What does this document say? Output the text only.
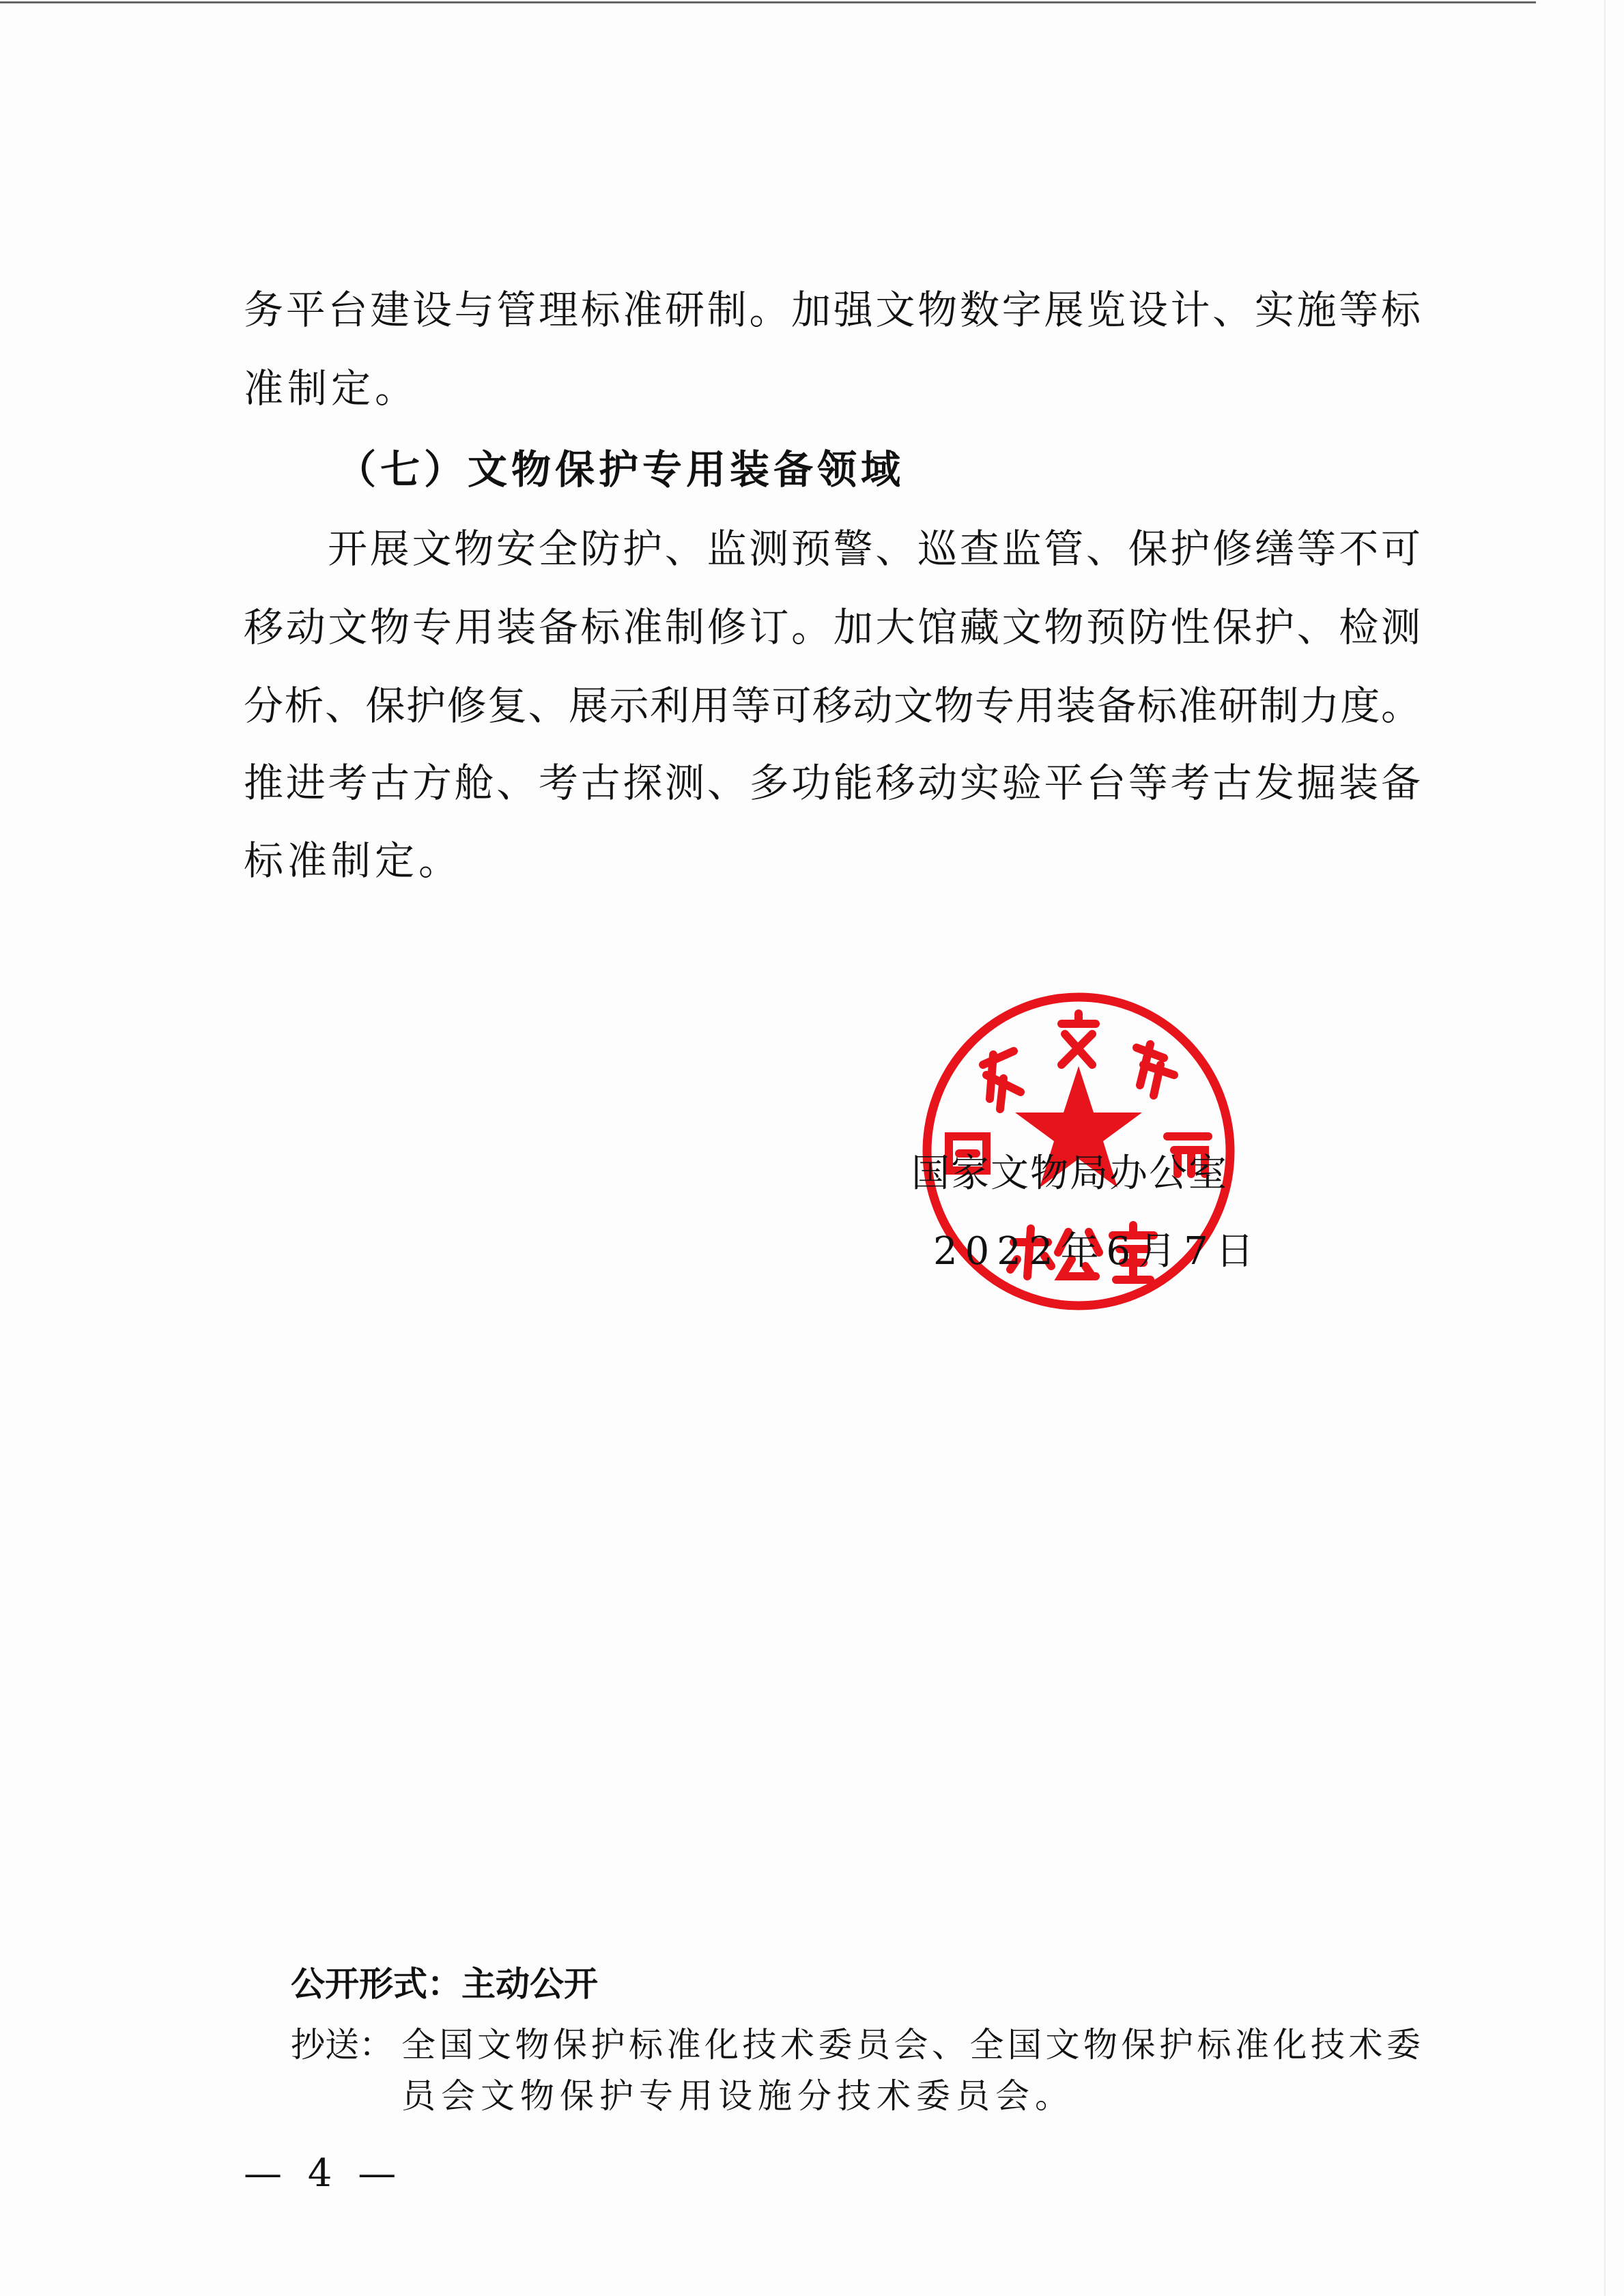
务平台建设与管理标准研制。加强文物数字展览设计、实施等标
准制定。
（七）文物保护专用装备领域
开展文物安全防护、监测预警、巡查监管、保护修缮等不可
移动文物专用装备标准制修订。加大馆藏文物预防性保护、检测
分析、保护修复、展示利用等可移动文物专用装备标准研制力度。
推进考古方舱、考古探测、多功能移动实验平台等考古发掘装备
标准制定。
国家文物局办公室
2022年6月7日
公开形式：主动公开
抄送： 全国文物保护标准化技术委员会、全国文物保护标准化技术委
员会文物保护专用设施分技术委员会。
— 4 —
